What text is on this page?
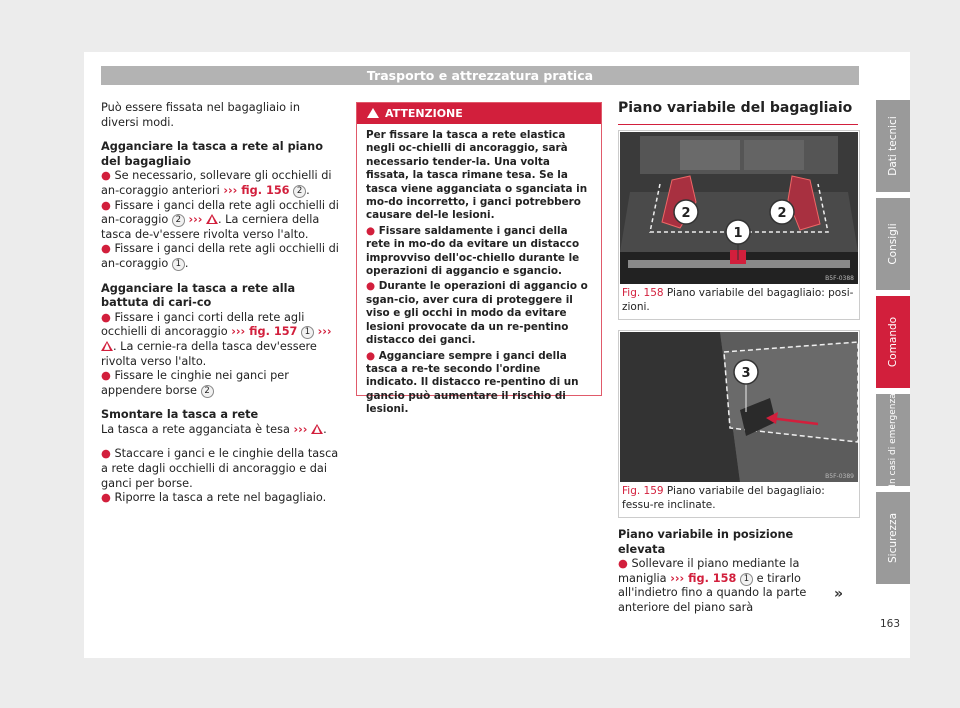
Trasporto e attrezzatura pratica

Può essere fissata nel bagagliaio in diversi modi.

Agganciare la tasca a rete al piano del bagagliaio

● Se necessario, sollevare gli occhielli di an-coraggio anteriori ››› fig. 156 2 .

● Fissare i ganci della rete agli occhielli di an-coraggio 2 ››› . La cerniera della tasca de-v'essere rivolta verso l'alto.

● Fissare i ganci della rete agli occhielli di an-coraggio 1 .

Agganciare la tasca a rete alla battuta di cari-co

● Fissare i ganci corti della rete agli occhielli di ancoraggio ››› fig. 157 1 ›››
. La cernie-ra della tasca dev'essere rivolta verso l'alto.

● Fissare le cinghie nei ganci per appendere borse 2

Smontare la tasca a rete

La tasca a rete agganciata è tesa ››› .

● Staccare i ganci e le cinghie della tasca a rete dagli occhielli di ancoraggio e dai ganci per borse.

● Riporre la tasca a rete nel bagagliaio.

ATTENZIONE

Per fissare la tasca a rete elastica negli oc-chielli di ancoraggio, sarà necessario tender-la. Una volta fissata, la tasca rimane tesa. Se la tasca viene agganciata o sganciata in mo-do incorretto, i ganci potrebbero causare del-le lesioni.

● Fissare saldamente i ganci della rete in mo-do da evitare un distacco improvviso dell'oc-chiello durante le operazioni di aggancio e sgancio.

● Durante le operazioni di aggancio o sgan-cio, aver cura di proteggere il viso e gli occhi in modo da evitare lesioni provocate da un re-pentino distacco dei ganci.

● Agganciare sempre i ganci della tasca a re-te secondo l'ordine indicato. Il distacco re-pentino di un gancio può aumentare il rischio di lesioni.

Piano variabile del bagagliaio
2	2
1
B5F-0388
Fig. 158 Piano variabile del bagagliaio: posi-zioni.
3
B5F-0389
Fig. 159 Piano variabile del bagagliaio: fessu-re inclinate.

Piano variabile in posizione elevata

● Sollevare il piano mediante la maniglia ››› fig. 158 1 e tirarlo all'indietro fino a quando la parte anteriore del piano sarà

»
Dati tecnici
Consigli
Comando
In casi di emergenza
Sicurezza
163
